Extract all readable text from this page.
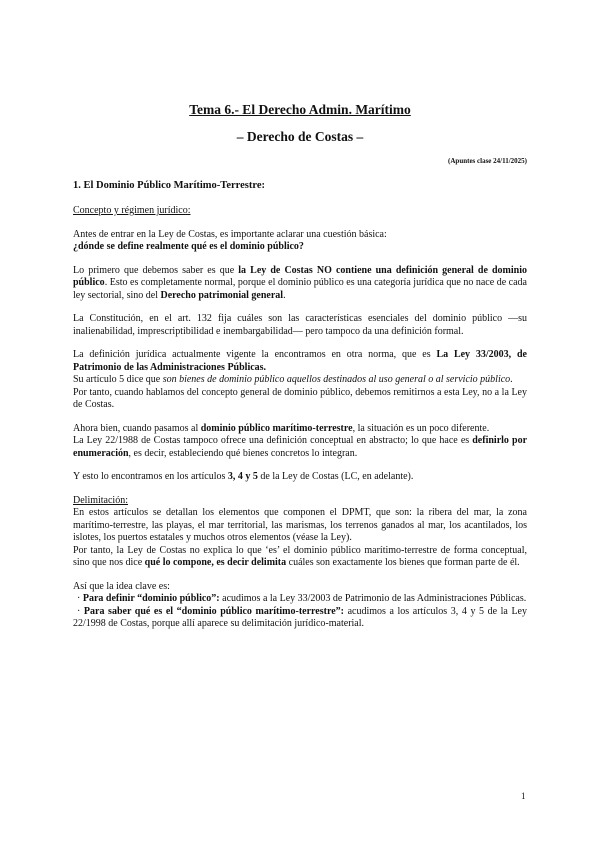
Tema 6.- El Derecho Admin. Marítimo
– Derecho de Costas –
(Apuntes clase 24/11/2025)
1. El Dominio Público Marítimo-Terrestre:

Concepto y régimen jurídico:

Antes de entrar en la Ley de Costas, es importante aclarar una cuestión básica:
¿dónde se define realmente qué es el dominio público?

Lo primero que debemos saber es que la Ley de Costas NO contiene una definición general de dominio público. Esto es completamente normal, porque el dominio público es una categoría jurídica que no nace de cada ley sectorial, sino del Derecho patrimonial general.

La Constitución, en el art. 132 fija cuáles son las características esenciales del dominio público —su inalienabilidad, imprescriptibilidad e inembargabilidad— pero tampoco da una definición formal.

La definición jurídica actualmente vigente la encontramos en otra norma, que es La Ley 33/2003, de Patrimonio de las Administraciones Públicas.
Su artículo 5 dice que son bienes de dominio público aquellos destinados al uso general o al servicio público.
Por tanto, cuando hablamos del concepto general de dominio público, debemos remitirnos a esta Ley, no a la Ley de Costas.

Ahora bien, cuando pasamos al dominio público marítimo-terrestre, la situación es un poco diferente.
La Ley 22/1988 de Costas tampoco ofrece una definición conceptual en abstracto; lo que hace es definirlo por enumeración, es decir, estableciendo qué bienes concretos lo integran.

Y esto lo encontramos en los artículos 3, 4 y 5 de la Ley de Costas (LC, en adelante).

Delimitación:

En estos artículos se detallan los elementos que componen el DPMT, que son: la ribera del mar, la zona marítimo-terrestre, las playas, el mar territorial, las marismas, los terrenos ganados al mar, los acantilados, los islotes, los puertos estatales y muchos otros elementos (véase la Ley).
Por tanto, la Ley de Costas no explica lo que ‘es’ el dominio público marítimo-terrestre de forma conceptual, sino que nos dice qué lo compone, es decir delimita cuáles son exactamente los bienes que forman parte de él.

Así que la idea clave es:
· Para definir “dominio público”: acudimos a la Ley 33/2003 de Patrimonio de las Administraciones Públicas.
· Para saber qué es el “dominio público marítimo-terrestre”: acudimos a los artículos 3, 4 y 5 de la Ley 22/1998 de Costas, porque allí aparece su delimitación jurídico-material.

1
